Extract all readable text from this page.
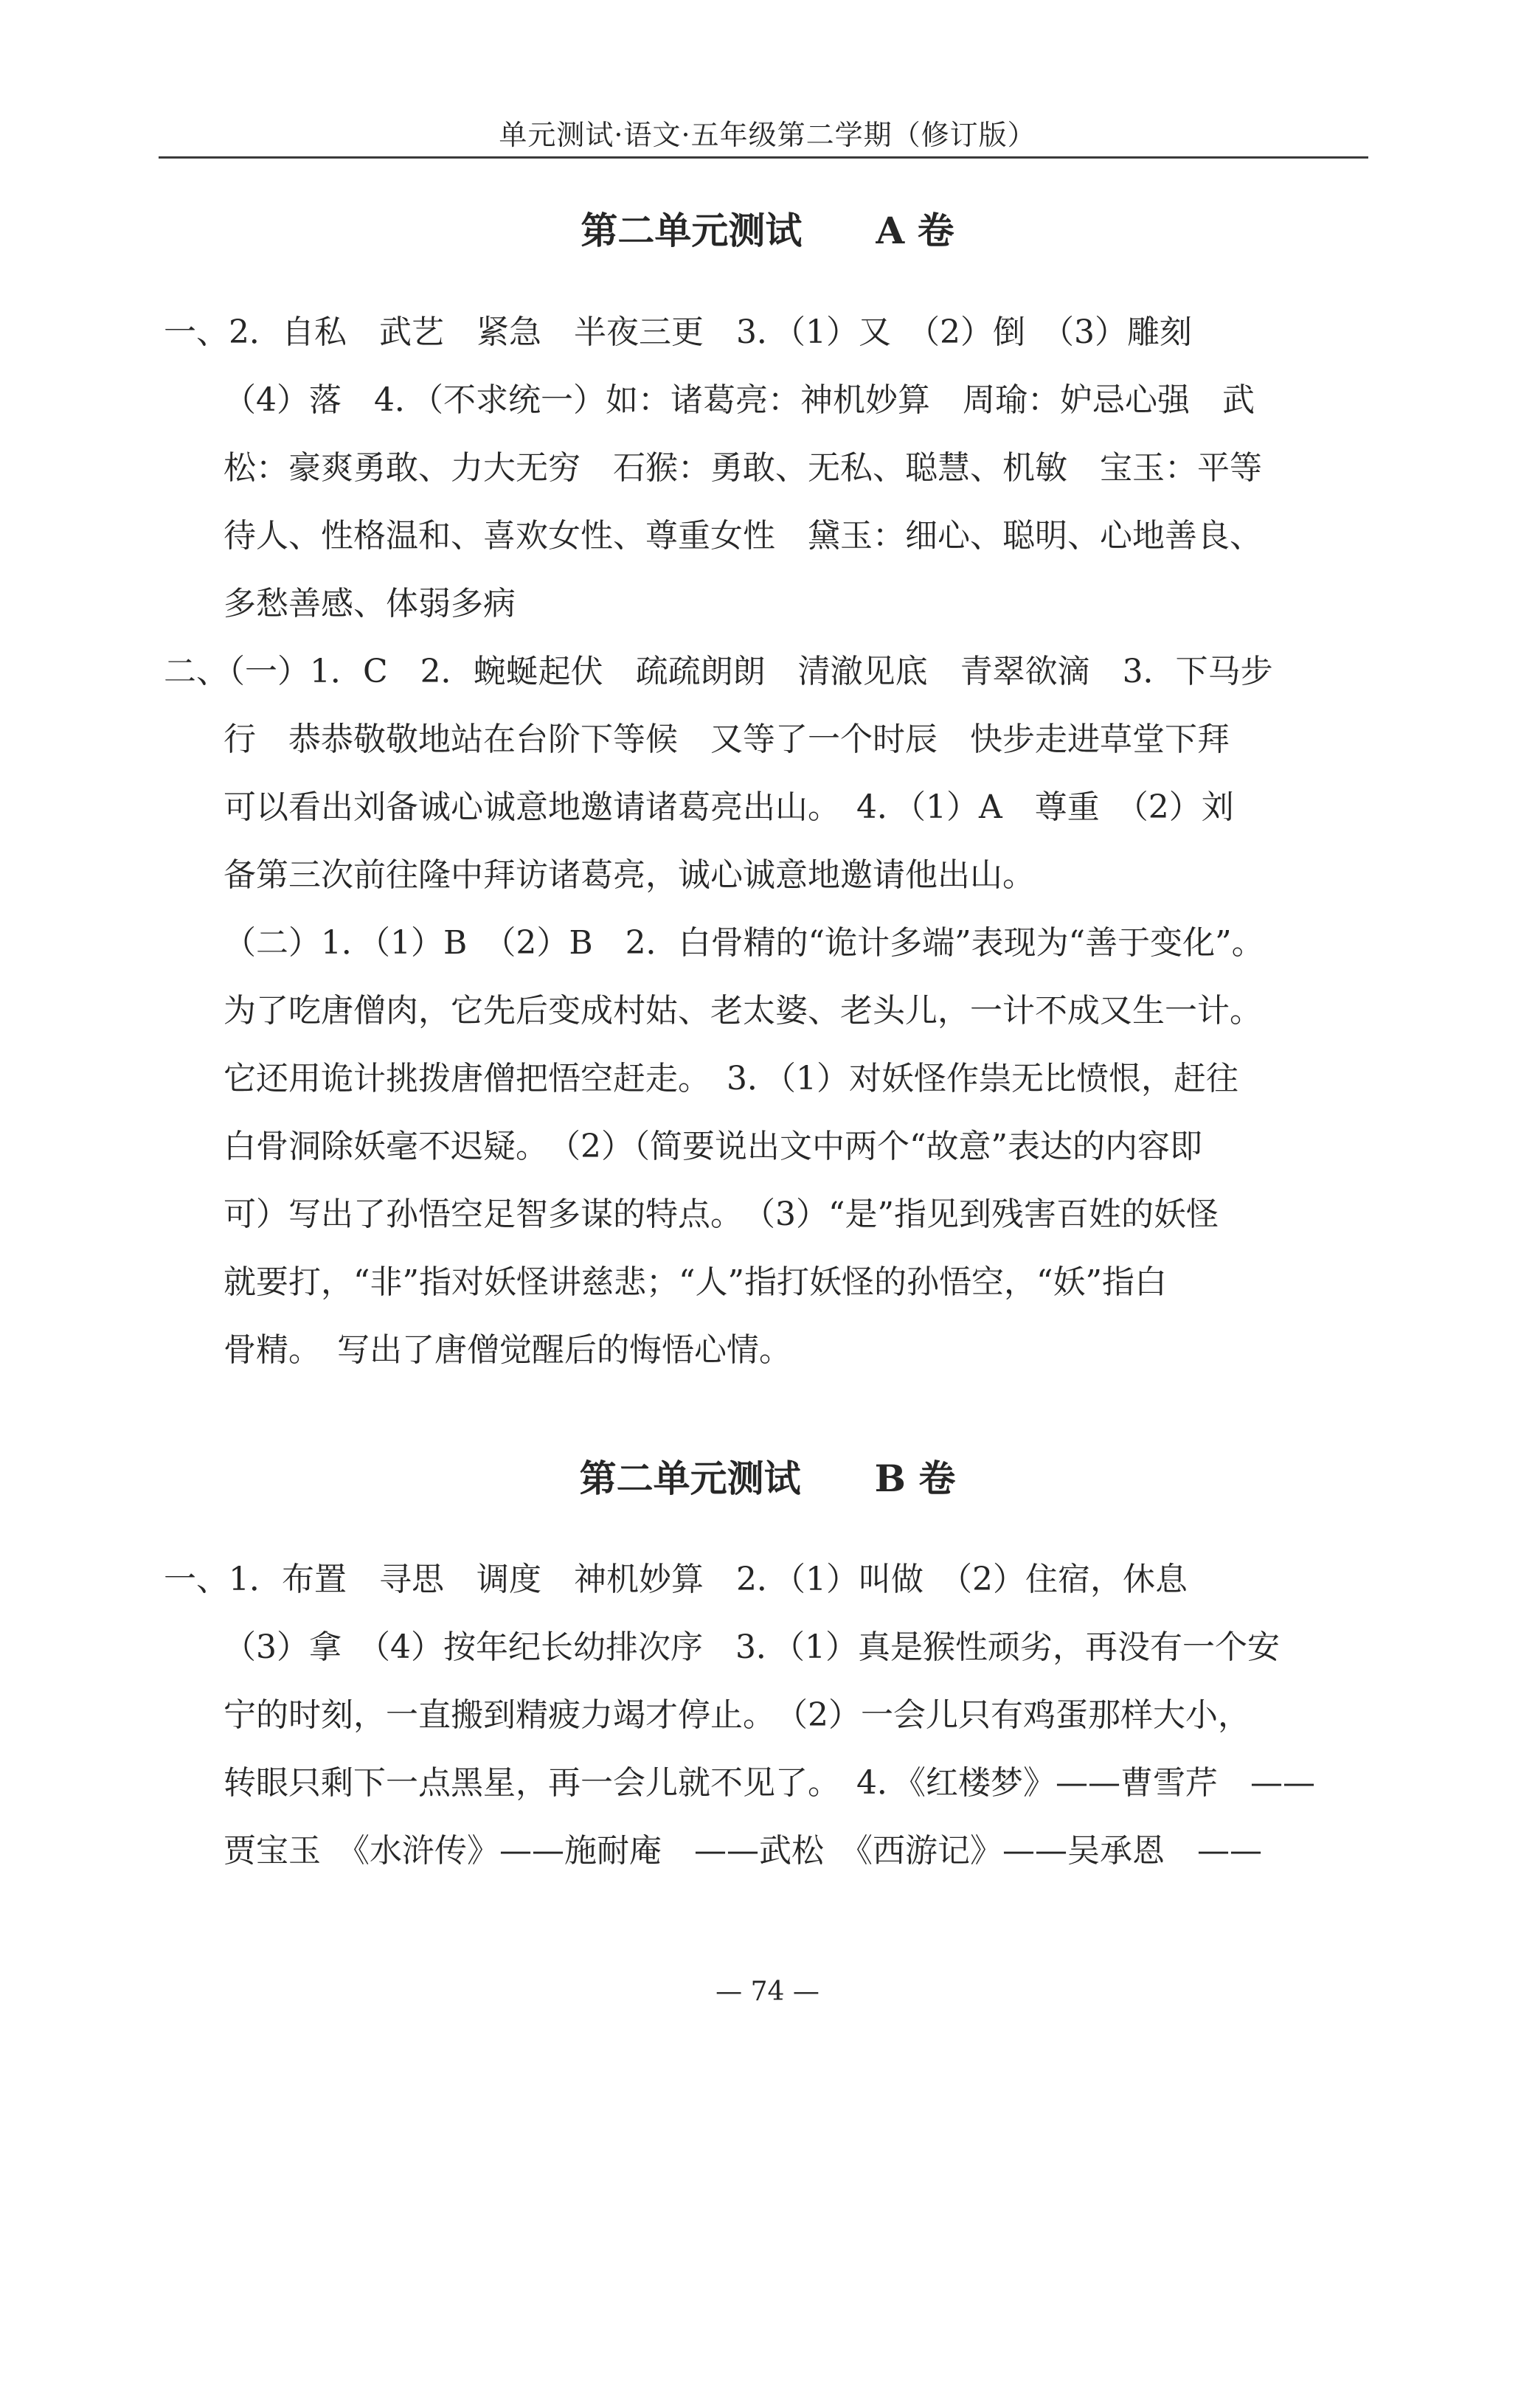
单元测试·语文·五年级第二学期（修订版）
第二单元测试　　A 卷
一、2．自私　武艺　紧急　半夜三更　3．（1）又　（2）倒　（3）雕刻
（4）落　4．（不求统一）如：诸葛亮：神机妙算　周瑜：妒忌心强　武
松：豪爽勇敢、力大无穷　石猴：勇敢、无私、聪慧、机敏　宝玉：平等
待人、性格温和、喜欢女性、尊重女性　黛玉：细心、聪明、心地善良、
多愁善感、体弱多病
二、（一）1．C　2．蜿蜒起伏　疏疏朗朗　清澈见底　青翠欲滴　3．下马步
行　恭恭敬敬地站在台阶下等候　又等了一个时辰　快步走进草堂下拜
可以看出刘备诚心诚意地邀请诸葛亮出山。　4．（1）A　尊重　（2）刘
备第三次前往隆中拜访诸葛亮，诚心诚意地邀请他出山。
（二）1．（1）B　（2）B　2．白骨精的“诡计多端”表现为“善于变化”。
为了吃唐僧肉，它先后变成村姑、老太婆、老头儿，一计不成又生一计。
它还用诡计挑拨唐僧把悟空赶走。　3．（1）对妖怪作祟无比愤恨，赶往
白骨洞除妖毫不迟疑。　（2）（简要说出文中两个“故意”表达的内容即
可）写出了孙悟空足智多谋的特点。　（3）“是”指见到残害百姓的妖怪
就要打，“非”指对妖怪讲慈悲；“人”指打妖怪的孙悟空，“妖”指白
骨精。　写出了唐僧觉醒后的悔悟心情。
第二单元测试　　B 卷
一、1．布置　寻思　调度　神机妙算　2．（1）叫做　（2）住宿，休息
（3）拿　（4）按年纪长幼排次序　3．（1）真是猴性顽劣，再没有一个安
宁的时刻，一直搬到精疲力竭才停止。　（2）一会儿只有鸡蛋那样大小，
转眼只剩下一点黑星，再一会儿就不见了。　4．《红楼梦》——曹雪芹　——
贾宝玉　《水浒传》——施耐庵　——武松　《西游记》——吴承恩　——
— 74 —
